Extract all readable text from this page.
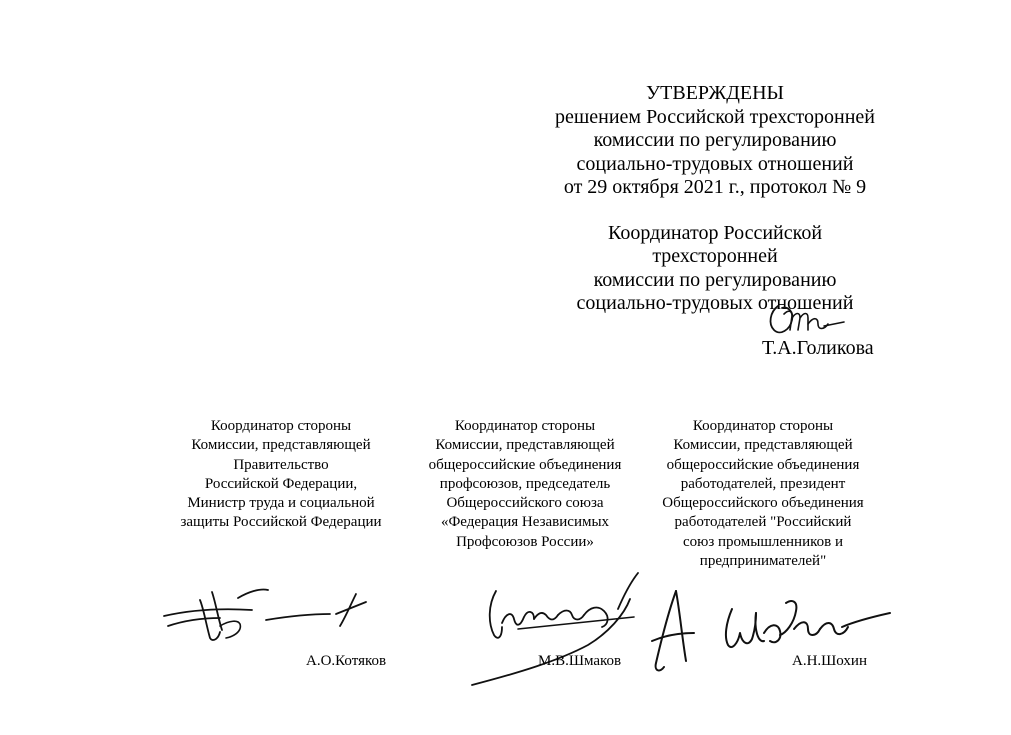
УТВЕРЖДЕНЫ
решением Российской трехсторонней
комиссии по регулированию
социально-трудовых отношений
от 29 октября 2021 г., протокол № 9
Координатор Российской
трехсторонней
комиссии по регулированию
социально-трудовых отношений
Т.А.Голикова
Координатор стороны
Комиссии, представляющей
Правительство
Российской Федерации,
Министр труда и социальной
защиты Российской Федерации
Координатор стороны
Комиссии, представляющей
общероссийские объединения
профсоюзов, председатель
Общероссийского союза
«Федерация Независимых
Профсоюзов России»
Координатор стороны
Комиссии, представляющей
общероссийские объединения
работодателей, президент
Общероссийского объединения
работодателей "Российский
союз промышленников и
предпринимателей"
А.О.Котяков	М.В.Шмаков	А.Н.Шохин
